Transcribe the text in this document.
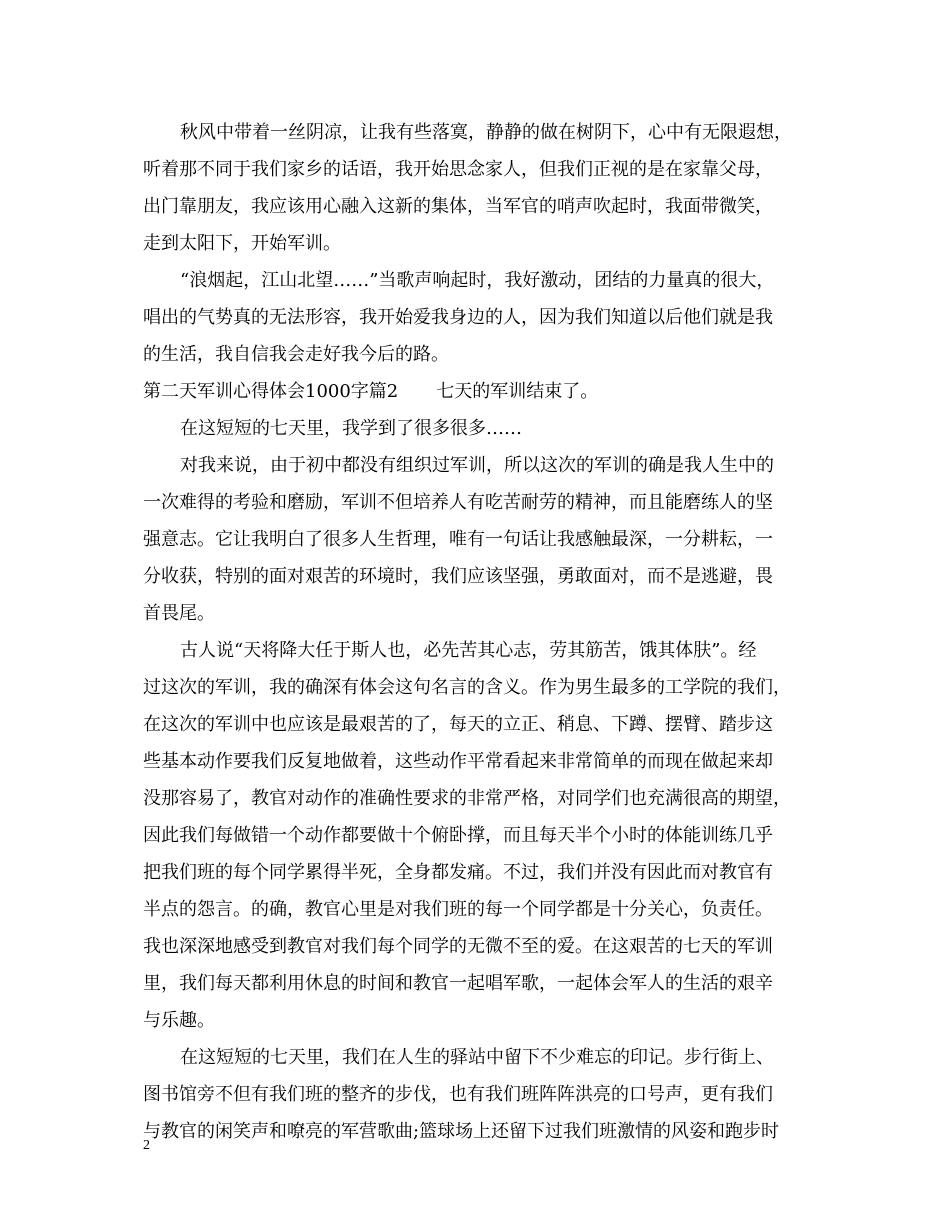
秋风中带着一丝阴凉，让我有些落寞，静静的做在树阴下，心中有无限遐想，
听着那不同于我们家乡的话语，我开始思念家人，但我们正视的是在家靠父母，
出门靠朋友，我应该用心融入这新的集体，当军官的哨声吹起时，我面带微笑，
走到太阳下，开始军训。
“浪烟起，江山北望……”当歌声响起时，我好激动，团结的力量真的很大，
唱出的气势真的无法形容，我开始爱我身边的人，因为我们知道以后他们就是我
的生活，我自信我会走好我今后的路。
第二天军训心得体会1000字篇2 七天的军训结束了。
在这短短的七天里，我学到了很多很多……
对我来说，由于初中都没有组织过军训，所以这次的军训的确是我人生中的
一次难得的考验和磨励，军训不但培养人有吃苦耐劳的精神，而且能磨练人的坚
强意志。它让我明白了很多人生哲理，唯有一句话让我感触最深，一分耕耘，一
分收获，特别的面对艰苦的环境时，我们应该坚强，勇敢面对，而不是逃避，畏
首畏尾。
古人说“天将降大任于斯人也，必先苦其心志，劳其筋苦，饿其体肤”。经
过这次的军训，我的确深有体会这句名言的含义。作为男生最多的工学院的我们，
在这次的军训中也应该是最艰苦的了，每天的立正、稍息、下蹲、摆臂、踏步这
些基本动作要我们反复地做着，这些动作平常看起来非常简单的而现在做起来却
没那容易了，教官对动作的准确性要求的非常严格，对同学们也充满很高的期望，
因此我们每做错一个动作都要做十个俯卧撑，而且每天半个小时的体能训练几乎
把我们班的每个同学累得半死，全身都发痛。不过，我们并没有因此而对教官有
半点的怨言。的确，教官心里是对我们班的每一个同学都是十分关心，负责任。
我也深深地感受到教官对我们每个同学的无微不至的爱。在这艰苦的七天的军训
里，我们每天都利用休息的时间和教官一起唱军歌，一起体会军人的生活的艰辛
与乐趣。
在这短短的七天里，我们在人生的驿站中留下不少难忘的印记。步行街上、
图书馆旁不但有我们班的整齐的步伐，也有我们班阵阵洪亮的口号声，更有我们
与教官的闲笑声和嘹亮的军营歌曲;篮球场上还留下过我们班激情的风姿和跑步时
2
